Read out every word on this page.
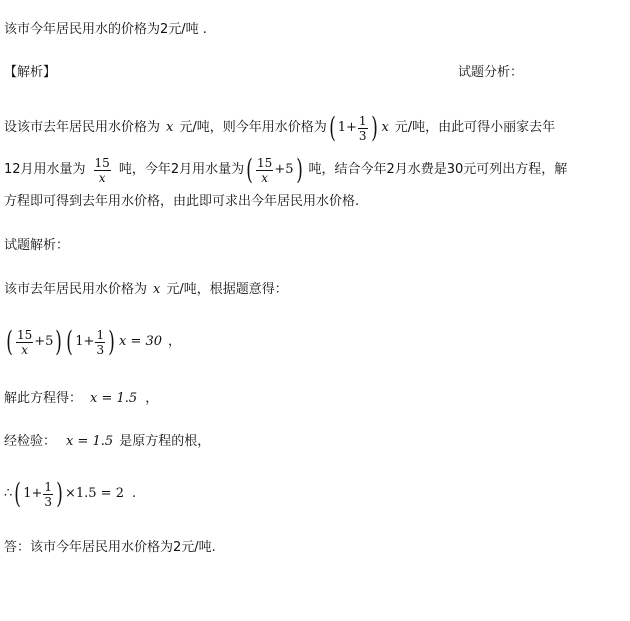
该市今年居民用水的价格为2元/吨 .
【解析】	试题分析：
设该市去年居民用水价格为 x 元/吨，则今年用水价格为 ( $1+ \frac{1}{3}$ ) x 元/吨，由此可得小丽家去年
12月用水量为 $\frac{15}{x}$ 吨，今年2月用水量为 ( $\frac{15}{x} +5$ ) 吨，结合今年2月水费是30元可列出方程，解
方程即可得到去年用水价格，由此即可求出今年居民用水价格.
试题解析：
该市去年居民用水价格为 x 元/吨，根据题意得：
( $\frac{15}{x} +5$ ) ( $1+ \frac{1}{3}$ ) x = 30 ，
解此方程得： x = 1.5 ，
经检验： x = 1.5 是原方程的根，
∴ ( $1+ \frac{1}{3}$ ) ×1.5 = 2 .
答：该市今年居民用水价格为2元/吨.
